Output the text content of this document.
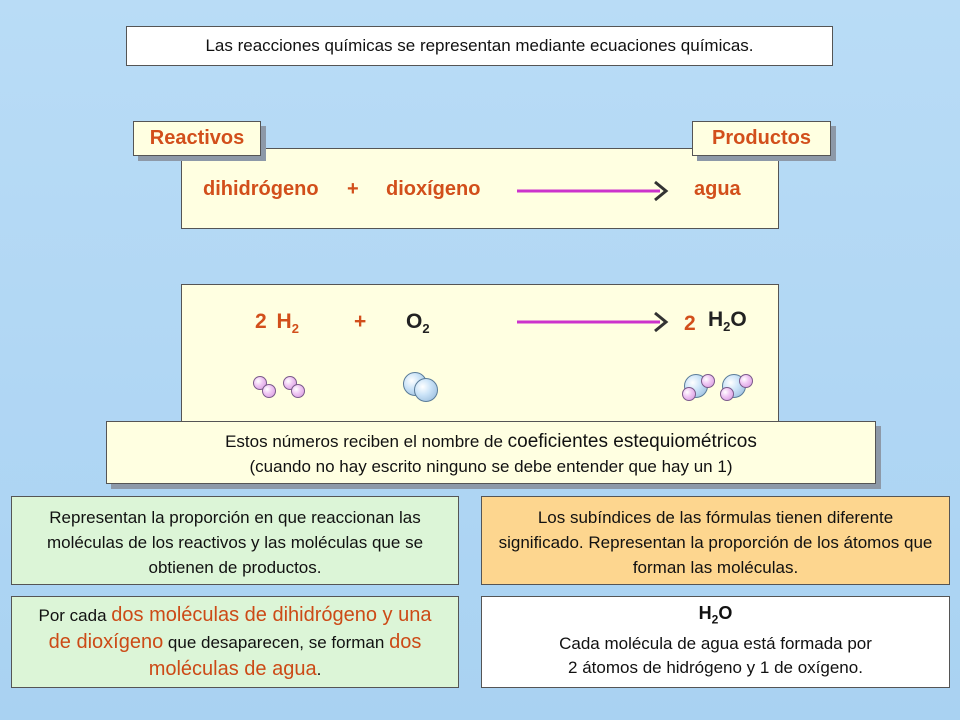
Las reacciones químicas se representan mediante ecuaciones químicas.
Reactivos	Productos
dihidrógeno + dioxígeno	agua
2 $H_2$	+ $O_2$	2 $H_2O$
Estos números reciben el nombre de coeficientes estequiométricos
(cuando no hay escrito ninguno se debe entender que hay un 1)
Representan la proporción en que reaccionan las moléculas de los reactivos y las moléculas que se obtienen de productos.
Los subíndices de las fórmulas tienen diferente significado. Representan la proporción de los átomos que forman las moléculas.
Por cada dos moléculas de dihidrógeno y una de dioxígeno que desaparecen, se forman dos moléculas de agua.
$H_2O$
Cada molécula de agua está formada por
2 átomos de hidrógeno y 1 de oxígeno.
